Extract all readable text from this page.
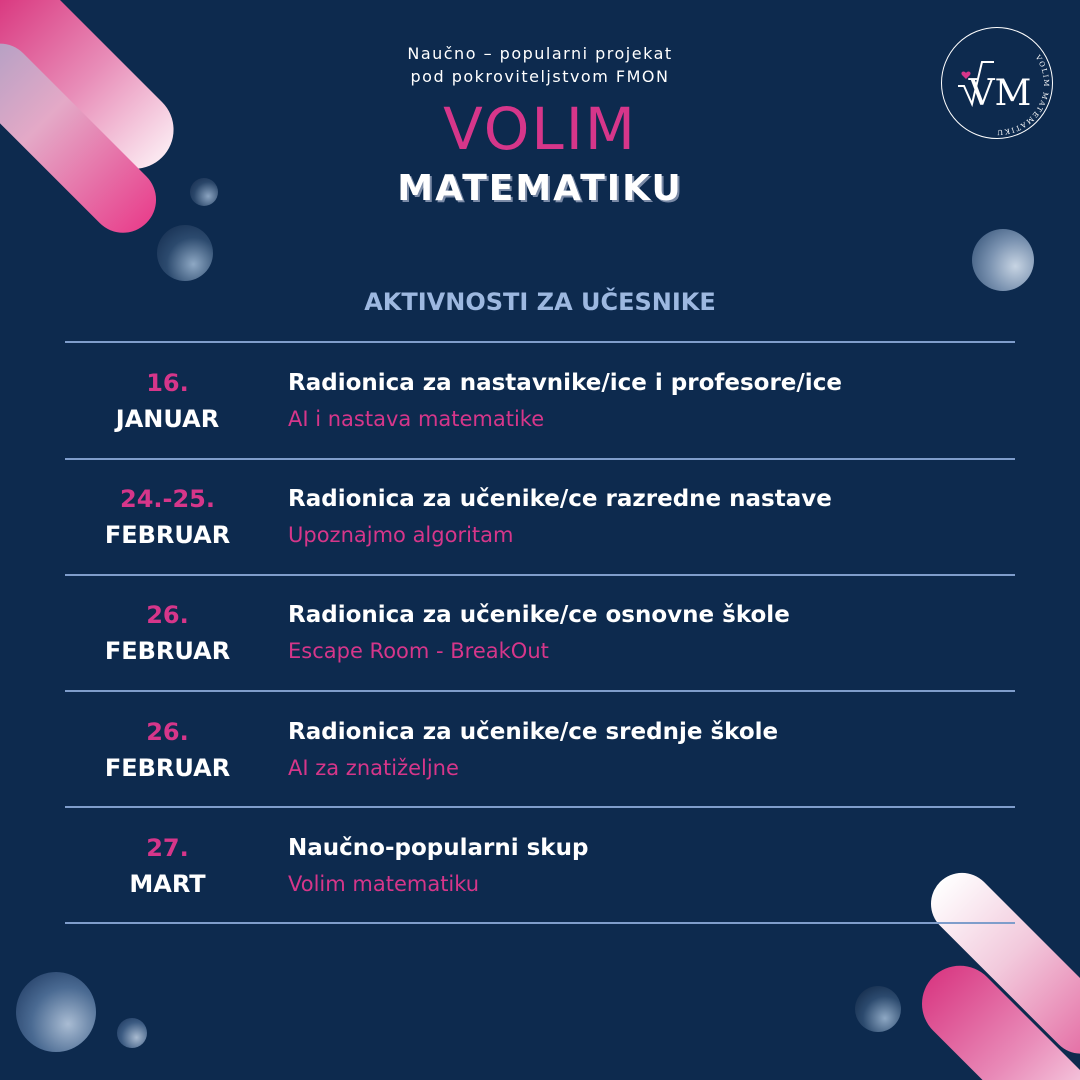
Naučno – popularni projekat
pod pokroviteljstvom FMON
VOLIM
MATEMATIKU
VOLIM MATEMATIKU
VM
AKTIVNOSTI ZA UČESNIKE
16.
JANUAR
Radionica za nastavnike/ice i profesore/ice
AI i nastava matematike
24.-25.
FEBRUAR
Radionica za učenike/ce razredne nastave
Upoznajmo algoritam
26.
FEBRUAR
Radionica za učenike/ce osnovne škole
Escape Room - BreakOut
26.
FEBRUAR
Radionica za učenike/ce srednje škole
AI za znatiželjne
27.
MART
Naučno-popularni skup
Volim matematiku
